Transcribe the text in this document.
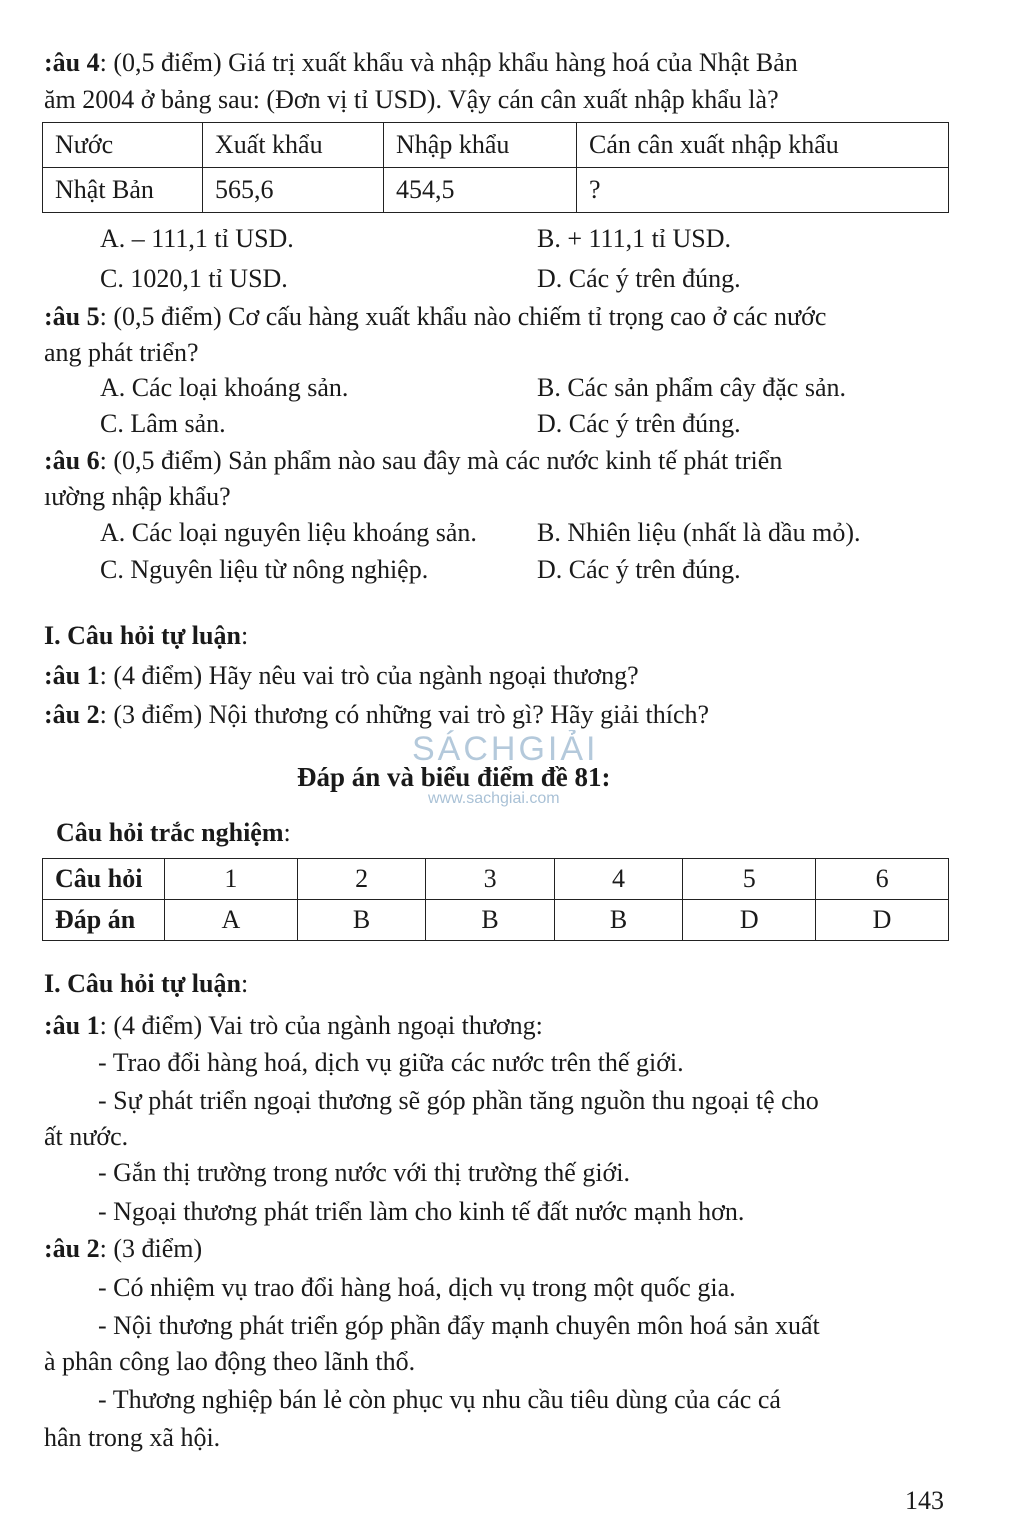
:âu 4: (0,5 điểm) Giá trị xuất khẩu và nhập khẩu hàng hoá của Nhật Bản
ăm 2004 ở bảng sau: (Đơn vị tỉ USD). Vậy cán cân xuất nhập khẩu là?
Nước	Xuất khẩu	Nhập khẩu	Cán cân xuất nhập khẩu
Nhật Bản	565,6	454,5	?
A. – 111,1 tỉ USD.	B. + 111,1 tỉ USD.
C. 1020,1 tỉ USD.	D. Các ý trên đúng.
:âu 5: (0,5 điểm) Cơ cấu hàng xuất khẩu nào chiếm tỉ trọng cao ở các nước
ang phát triển?
A. Các loại khoáng sản.	B. Các sản phẩm cây đặc sản.
C. Lâm sản.	D. Các ý trên đúng.
:âu 6: (0,5 điểm) Sản phẩm nào sau đây mà các nước kinh tế phát triển
ıường nhập khẩu?
A. Các loại nguyên liệu khoáng sản. B. Nhiên liệu (nhất là dầu mỏ).
C. Nguyên liệu từ nông nghiệp.	D. Các ý trên đúng.
I. Câu hỏi tự luận:
:âu 1: (4 điểm) Hãy nêu vai trò của ngành ngoại thương?
:âu 2: (3 điểm) Nội thương có những vai trò gì? Hãy giải thích?
SÁCHGIẢI
www.sachgiai.com
Đáp án và biểu điểm đề 81:
Câu hỏi trắc nghiệm:
Câu hỏi	1	2	3	4	5	6
Đáp án	A	B	B	B	D	D
I. Câu hỏi tự luận:
:âu 1: (4 điểm) Vai trò của ngành ngoại thương:
- Trao đổi hàng hoá, dịch vụ giữa các nước trên thế giới.
- Sự phát triển ngoại thương sẽ góp phần tăng nguồn thu ngoại tệ cho
ất nước.
- Gắn thị trường trong nước với thị trường thế giới.
- Ngoại thương phát triển làm cho kinh tế đất nước mạnh hơn.
:âu 2: (3 điểm)
- Có nhiệm vụ trao đổi hàng hoá, dịch vụ trong một quốc gia.
- Nội thương phát triển góp phần đẩy mạnh chuyên môn hoá sản xuất
à phân công lao động theo lãnh thổ.
- Thương nghiệp bán lẻ còn phục vụ nhu cầu tiêu dùng của các cá
hân trong xã hội.
143
